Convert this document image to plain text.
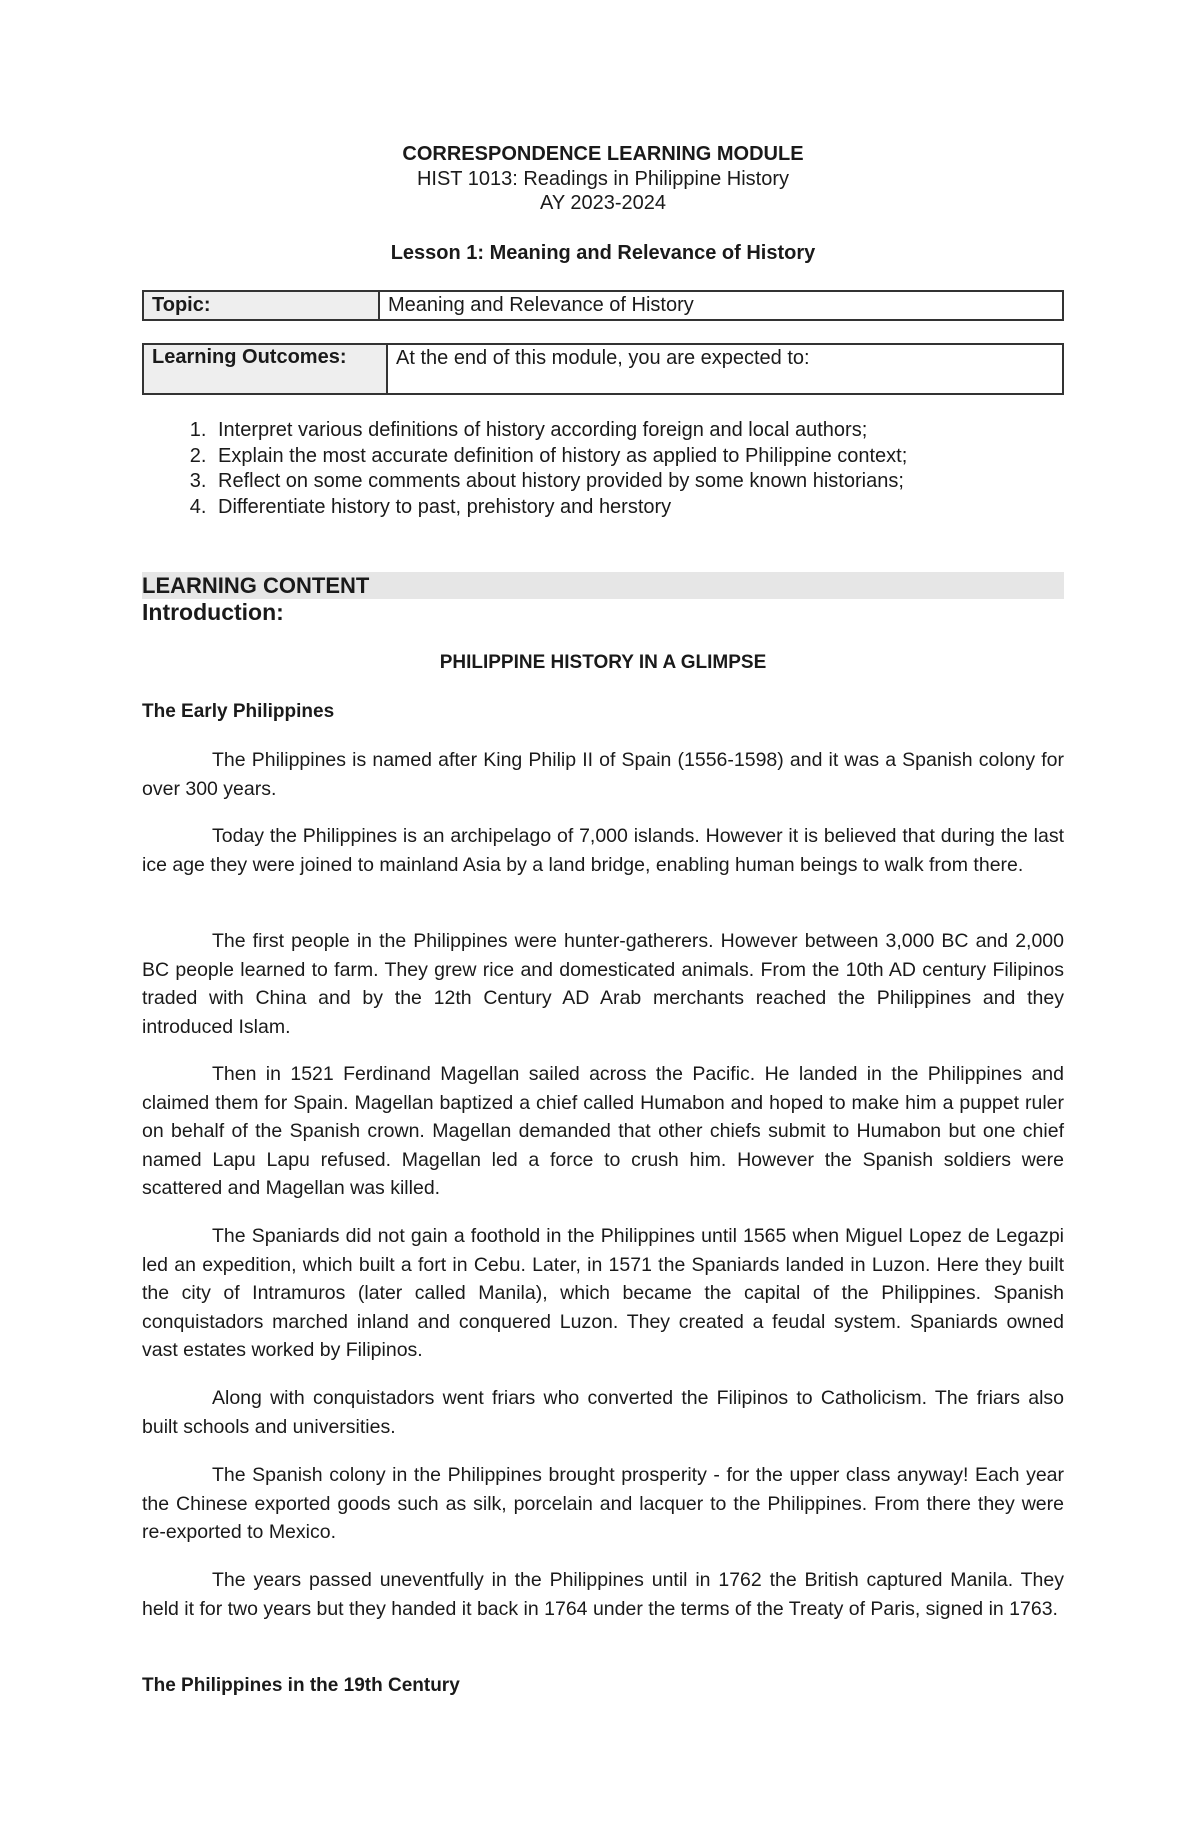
CORRESPONDENCE LEARNING MODULE
HIST 1013: Readings in Philippine History
AY 2023-2024
Lesson 1: Meaning and Relevance of History
Topic:	Meaning and Relevance of History
Learning Outcomes:	At the end of this module, you are expected to:
1. Interpret various definitions of history according foreign and local authors;
2. Explain the most accurate definition of history as applied to Philippine context;
3. Reflect on some comments about history provided by some known historians;
4. Differentiate history to past, prehistory and herstory
LEARNING CONTENT
Introduction:
PHILIPPINE HISTORY IN A GLIMPSE
The Early Philippines

The Philippines is named after King Philip II of Spain (1556-1598) and it was a Spanish colony for over 300 years.

Today the Philippines is an archipelago of 7,000 islands. However it is believed that during the last ice age they were joined to mainland Asia by a land bridge, enabling human beings to walk from there.

The first people in the Philippines were hunter-gatherers. However between 3,000 BC and 2,000 BC people learned to farm. They grew rice and domesticated animals. From the 10th AD century Filipinos traded with China and by the 12th Century AD Arab merchants reached the Philippines and they introduced Islam.

Then in 1521 Ferdinand Magellan sailed across the Pacific. He landed in the Philippines and claimed them for Spain. Magellan baptized a chief called Humabon and hoped to make him a puppet ruler on behalf of the Spanish crown. Magellan demanded that other chiefs submit to Humabon but one chief named Lapu Lapu refused. Magellan led a force to crush him. However the Spanish soldiers were scattered and Magellan was killed.

The Spaniards did not gain a foothold in the Philippines until 1565 when Miguel Lopez de Legazpi led an expedition, which built a fort in Cebu. Later, in 1571 the Spaniards landed in Luzon. Here they built the city of Intramuros (later called Manila), which became the capital of the Philippines. Spanish conquistadors marched inland and conquered Luzon. They created a feudal system. Spaniards owned vast estates worked by Filipinos.

Along with conquistadors went friars who converted the Filipinos to Catholicism. The friars also built schools and universities.

The Spanish colony in the Philippines brought prosperity - for the upper class anyway! Each year the Chinese exported goods such as silk, porcelain and lacquer to the Philippines. From there they were re-exported to Mexico.

The years passed uneventfully in the Philippines until in 1762 the British captured Manila. They held it for two years but they handed it back in 1764 under the terms of the Treaty of Paris, signed in 1763.

The Philippines in the 19th Century
